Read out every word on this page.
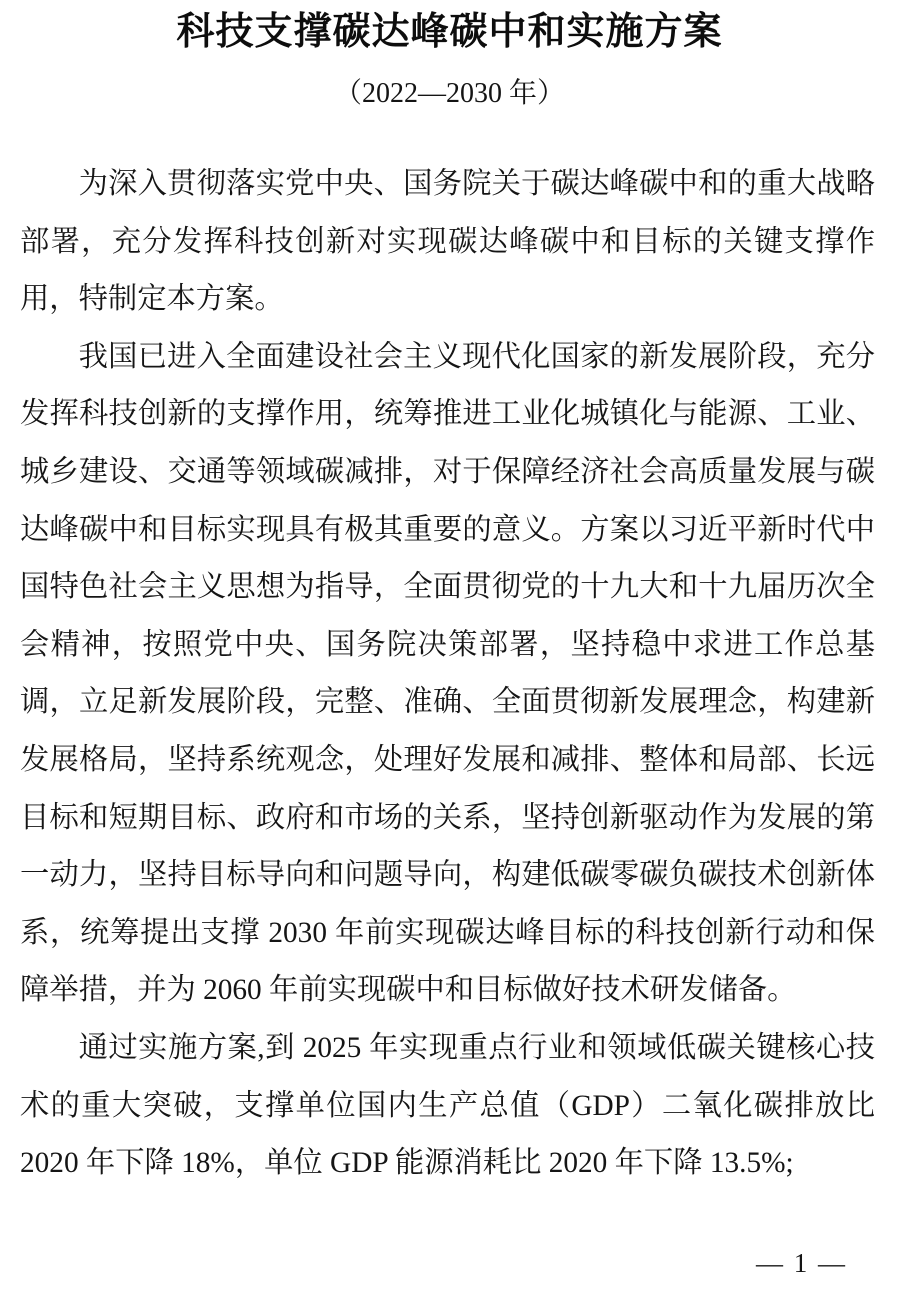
科技支撑碳达峰碳中和实施方案
（2022—2030 年）

为深入贯彻落实党中央、国务院关于碳达峰碳中和的重大战略部署，充分发挥科技创新对实现碳达峰碳中和目标的关键支撑作用，特制定本方案。

我国已进入全面建设社会主义现代化国家的新发展阶段，充分发挥科技创新的支撑作用，统筹推进工业化城镇化与能源、工业、城乡建设、交通等领域碳减排，对于保障经济社会高质量发展与碳达峰碳中和目标实现具有极其重要的意义。方案以习近平新时代中国特色社会主义思想为指导，全面贯彻党的十九大和十九届历次全会精神，按照党中央、国务院决策部署，坚持稳中求进工作总基调，立足新发展阶段，完整、准确、全面贯彻新发展理念，构建新发展格局，坚持系统观念，处理好发展和减排、整体和局部、长远目标和短期目标、政府和市场的关系，坚持创新驱动作为发展的第一动力，坚持目标导向和问题导向，构建低碳零碳负碳技术创新体系，统筹提出支撑 2030 年前实现碳达峰目标的科技创新行动和保障举措，并为 2060 年前实现碳中和目标做好技术研发储备。

通过实施方案,到 2025 年实现重点行业和领域低碳关键核心技术的重大突破，支撑单位国内生产总值（GDP）二氧化碳排放比 2020 年下降 18%，单位 GDP 能源消耗比 2020 年下降 13.5%;

— 1 —
